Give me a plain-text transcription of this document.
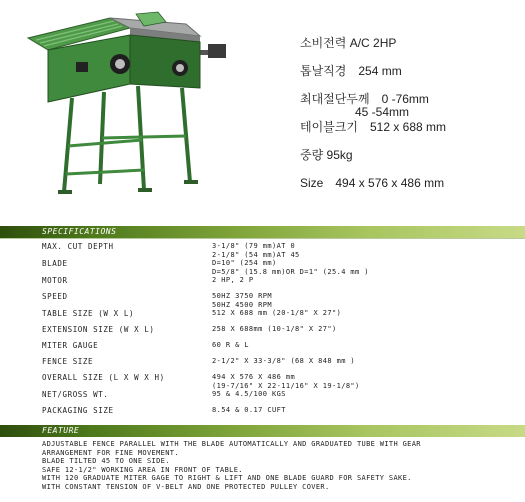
소비전력 A/C 2HP
톱날직경 254 mm
최대절단두께 0 -76mm
45 -54mm
테이블크기 512 x 688 mm
중량 95kg
Size 494 x 576 x 486 mm
SPECIFICATIONS
MAX. CUT DEPTH	3-1/8" (79 mm)AT 0
2-1/8" (54 mm)AT 45
BLADE	D=10" (254 mm)
D=5/8" (15.8 mm)OR D=1" (25.4 mm )
MOTOR	2 HP, 2 P
SPEED	50HZ 3750 RPM
50HZ 4500 RPM
TABLE SIZE (W X L)	512 X 688 mm (20-1/8" X 27")
EXTENSION SIZE (W X L)	258 X 688mm (10-1/8" X 27")
MITER GAUGE	60 R & L
FENCE SIZE	2-1/2" X 33-3/8" (68 X 848 mm )
OVERALL SIZE (L X W X H)	494 X 576 X 486 mm
(19-7/16" X 22-11/16" X 19-1/8")
NET/GROSS WT.	95 & 4.5/100 KGS
PACKAGING SIZE	8.54 & 0.17 CUFT
FEATURE
ADJUSTABLE FENCE PARALLEL WITH THE BLADE AUTOMATICALLY AND GRADUATED TUBE WITH GEAR
ARRANGEMENT FOR FINE MOVEMENT.
BLADE TILTED 45 TO ONE SIDE.
SAFE 12-1/2" WORKING AREA IN FRONT OF TABLE.
WITH 120 GRADUATE MITER GAGE TO RIGHT & LIFT AND ONE BLADE GUARD FOR SAFETY SAKE.
WITH CONSTANT TENSION OF V-BELT AND ONE PROTECTED PULLEY COVER.
